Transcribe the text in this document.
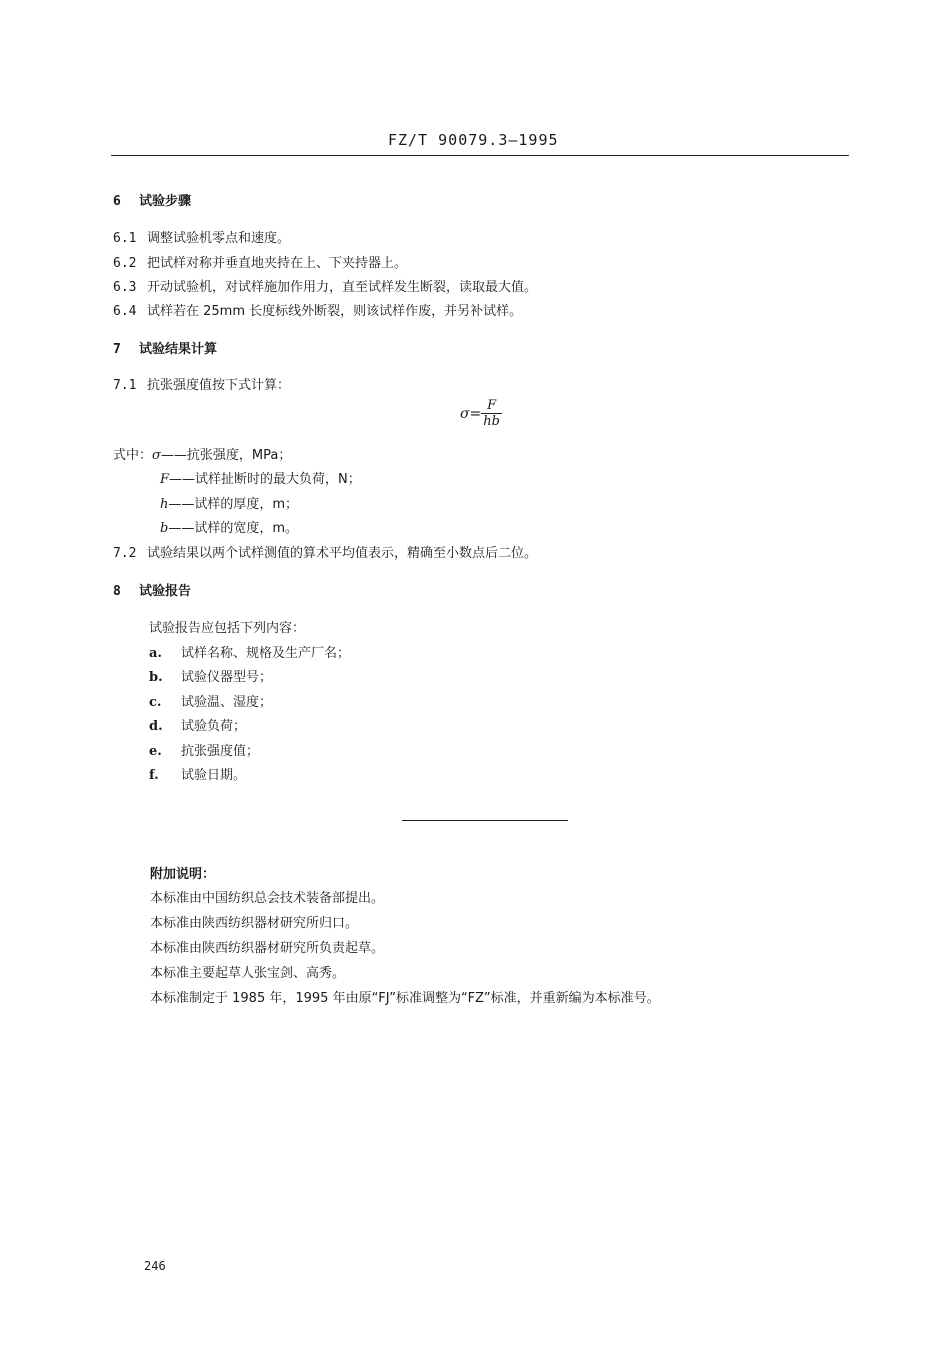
FZ/T 90079.3—1995
6 试验步骤
6.1 调整试验机零点和速度。
6.2 把试样对称并垂直地夹持在上、下夹持器上。
6.3 开动试验机，对试样施加作用力，直至试样发生断裂，读取最大值。
6.4 试样若在 25mm 长度标线外断裂，则该试样作废，并另补试样。
7 试验结果计算
7.1 抗张强度值按下式计算：
$\sigma= \frac{F}{hb}$
式中：σ——抗张强度，MPa；
F——试样扯断时的最大负荷，N；
h——试样的厚度，m；
b——试样的宽度，m。
7.2 试验结果以两个试样测值的算术平均值表示，精确至小数点后二位。
8 试验报告
试验报告应包括下列内容：
a. 试样名称、规格及生产厂名；
b. 试验仪器型号；
c. 试验温、湿度；
d. 试验负荷；
e. 抗张强度值；
f. 试验日期。
附加说明：
本标准由中国纺织总会技术装备部提出。
本标准由陕西纺织器材研究所归口。
本标准由陕西纺织器材研究所负责起草。
本标准主要起草人张宝剑、高秀。
本标准制定于 1985 年，1995 年由原“FJ”标准调整为“FZ”标准，并重新编为本标准号。
246
